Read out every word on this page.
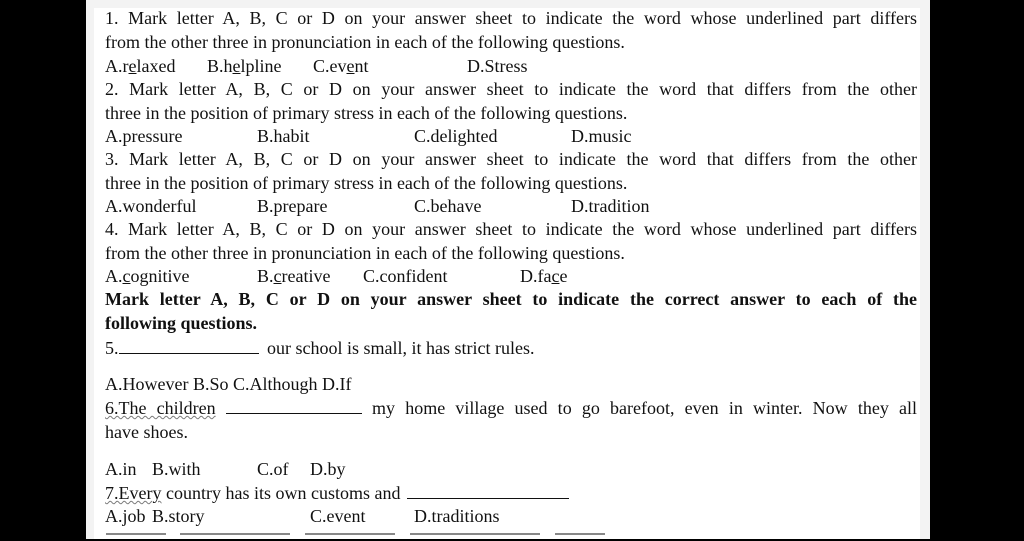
1. Mark letter A, B, C or D on your answer sheet to indicate the word whose underlined part differs
from the other three in pronunciation in each of the following questions.
A.relaxed B.helpline C.event	D.Stress
2. Mark letter A, B, C or D on your answer sheet to indicate the word that differs from the other
three in the position of primary stress in each of the following questions.
A.pressure	B.habit	C.delighted	D.music
3. Mark letter A, B, C or D on your answer sheet to indicate the word that differs from the other
three in the position of primary stress in each of the following questions.
A.wonderful	B.prepare	C.behave	D.tradition
4. Mark letter A, B, C or D on your answer sheet to indicate the word whose underlined part differs
from the other three in pronunciation in each of the following questions.
A.cognitive	B.creative C.confident	D.face
Mark letter A, B, C or D on your answer sheet to indicate the correct answer to each of the
following questions.
5.	our school is small, it has strict rules.
A.However B.So C.Although D.If
6.The children	my home village used to go barefoot, even in winter. Now they all
have shoes.
A.in B.with	C.of D.by
7.Every country has its own customs and
A.job B.story	C.event	D.traditions
